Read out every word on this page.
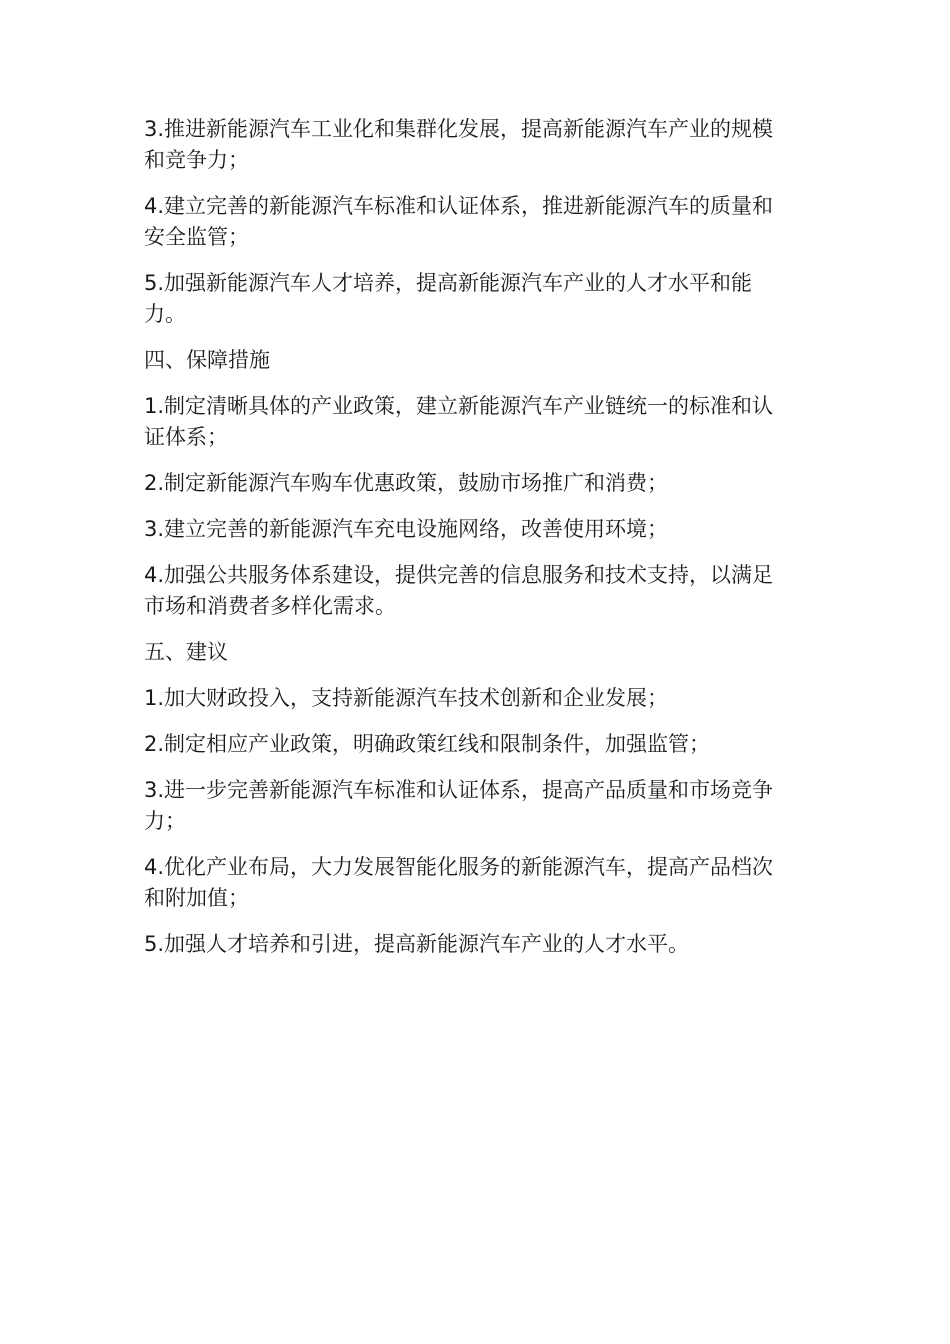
3.推进新能源汽车工业化和集群化发展，提高新能源汽车产业的规模和竞争力；

4.建立完善的新能源汽车标准和认证体系，推进新能源汽车的质量和安全监管；

5.加强新能源汽车人才培养，提高新能源汽车产业的人才水平和能力。

四、保障措施

1.制定清晰具体的产业政策，建立新能源汽车产业链统一的标准和认证体系；

2.制定新能源汽车购车优惠政策，鼓励市场推广和消费；

3.建立完善的新能源汽车充电设施网络，改善使用环境；

4.加强公共服务体系建设，提供完善的信息服务和技术支持，以满足市场和消费者多样化需求。

五、建议

1.加大财政投入，支持新能源汽车技术创新和企业发展；

2.制定相应产业政策，明确政策红线和限制条件，加强监管；

3.进一步完善新能源汽车标准和认证体系，提高产品质量和市场竞争力；

4.优化产业布局，大力发展智能化服务的新能源汽车，提高产品档次和附加值；

5.加强人才培养和引进，提高新能源汽车产业的人才水平。
